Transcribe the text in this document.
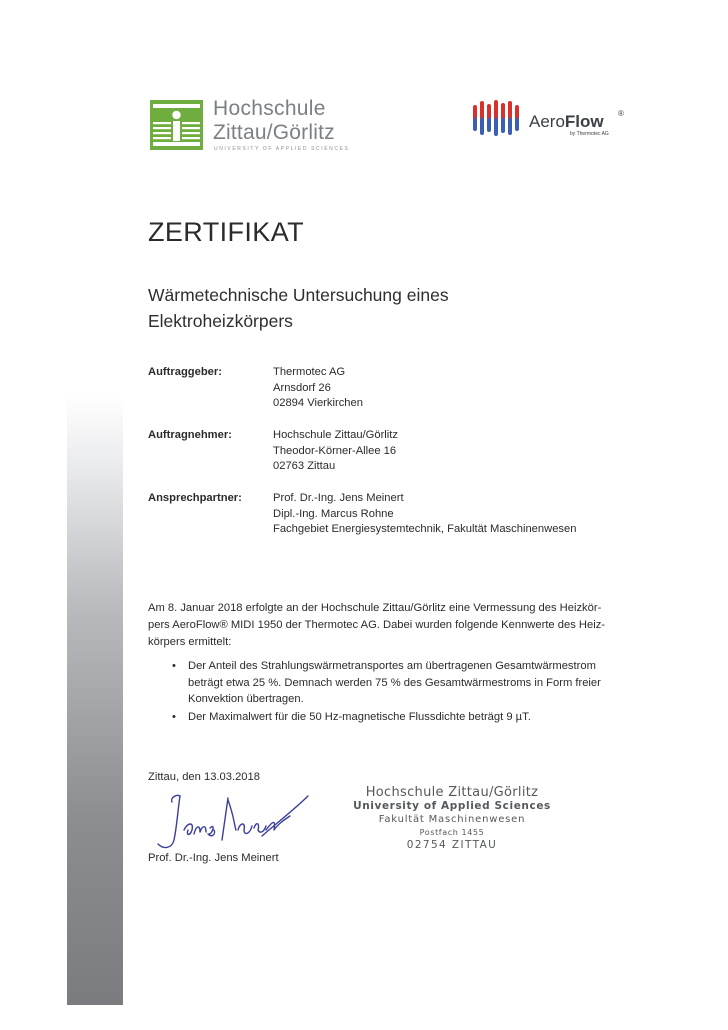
Hochschule
Zittau/Görlitz
UNIVERSITY OF APPLIED SCIENCES
AeroFlow ®
by Thermotec AG
ZERTIFIKAT
Wärmetechnische Untersuchung eines
Elektroheizkörpers
Auftraggeber:	Thermotec AG
Arnsdorf 26
02894 Vierkirchen
Auftragnehmer:	Hochschule Zittau/Görlitz
Theodor-Körner-Allee 16
02763 Zittau
Ansprechpartner:	Prof. Dr.-Ing. Jens Meinert
Dipl.-Ing. Marcus Rohne
Fachgebiet Energiesystemtechnik, Fakultät Maschinenwesen
Am 8. Januar 2018 erfolgte an der Hochschule Zittau/Görlitz eine Vermessung des Heizkör-
pers AeroFlow® MIDI 1950 der Thermotec AG. Dabei wurden folgende Kennwerte des Heiz-
körpers ermittelt:
• Der Anteil des Strahlungswärmetransportes am übertragenen Gesamtwärmestrom
beträgt etwa 25 %. Demnach werden 75 % des Gesamtwärmestroms in Form freier
Konvektion übertragen.
• Der Maximalwert für die 50 Hz-magnetische Flussdichte beträgt 9 µT.
Zittau, den 13.03.2018
Prof. Dr.-Ing. Jens Meinert
Hochschule Zittau/Görlitz
University of Applied Sciences
Fakultät Maschinenwesen
Postfach 1455
02754 ZITTAU
